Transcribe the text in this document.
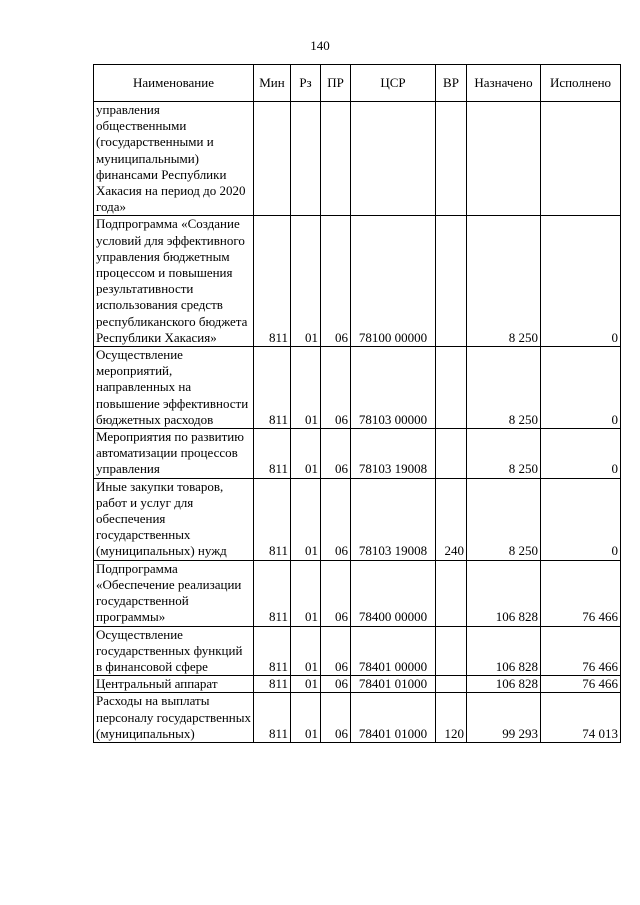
140
Наименование	Мин	Рз	ПР	ЦСР	ВР	Назначено	Исполнено
управления общественными (государственными и муниципальными) финансами Республики Хакасия на период до 2020 года»							
Подпрограмма «Создание условий для эффективного управления бюджетным процессом и повышения результативности использования средств республиканского бюджета Республики Хакасия»	811	01	06	78100 00000		8 250	0
Осуществление мероприятий, направленных на повышение эффективности бюджетных расходов	811	01	06	78103 00000		8 250	0
Мероприятия по развитию автоматизации процессов управления	811	01	06	78103 19008		8 250	0
Иные закупки товаров, работ и услуг для обеспечения государственных (муниципальных) нужд	811	01	06	78103 19008	240	8 250	0
Подпрограмма «Обеспечение реализации государственной программы»	811	01	06	78400 00000		106 828	76 466
Осуществление государственных функций в финансовой сфере	811	01	06	78401 00000		106 828	76 466
Центральный аппарат	811	01	06	78401 01000		106 828	76 466
Расходы на выплаты персоналу государственных (муниципальных)	811	01	06	78401 01000	120	99 293	74 013
